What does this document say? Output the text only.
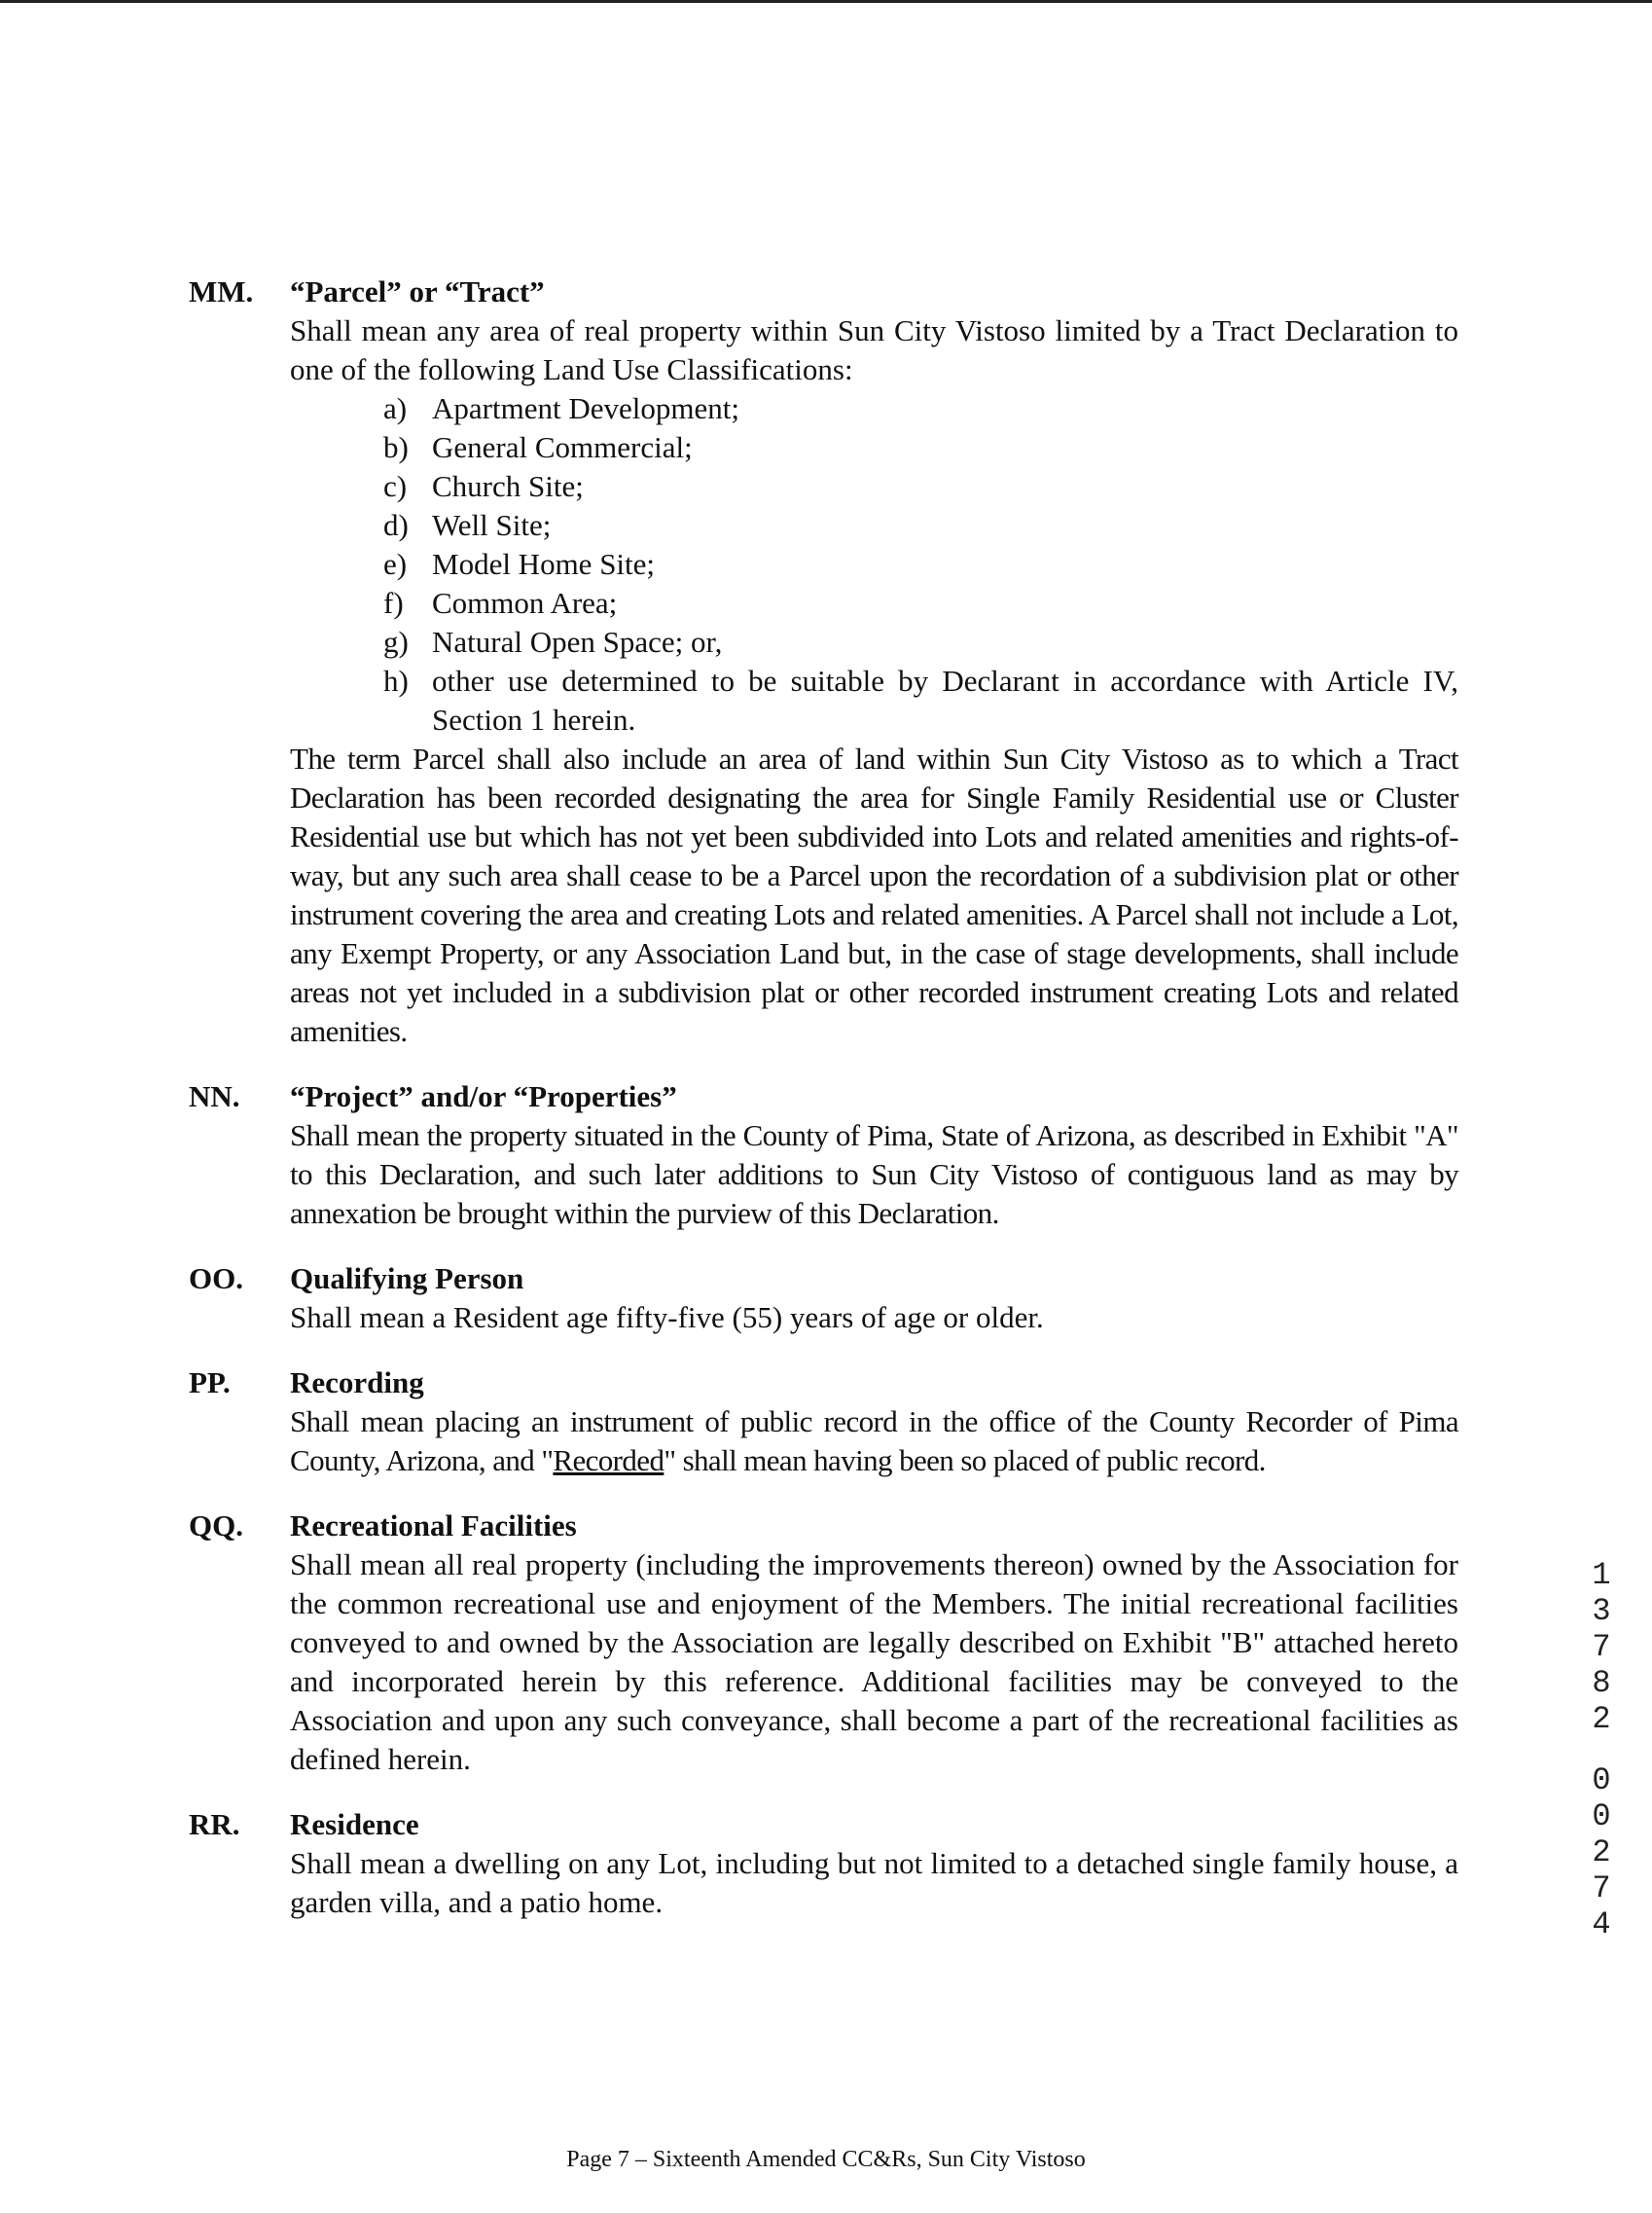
MM. “Parcel” or “Tract”

Shall mean any area of real property within Sun City Vistoso limited by a Tract Declaration to one of the following Land Use Classifications:

a) Apartment Development;
b) General Commercial;
c) Church Site;
d) Well Site;
e) Model Home Site;
f) Common Area;
g) Natural Open Space; or,
h) other use determined to be suitable by Declarant in accordance with Article IV, Section 1 herein.

The term Parcel shall also include an area of land within Sun City Vistoso as to which a Tract Declaration has been recorded designating the area for Single Family Residential use or Cluster Residential use but which has not yet been subdivided into Lots and related amenities and rights-of-way, but any such area shall cease to be a Parcel upon the recordation of a subdivision plat or other instrument covering the area and creating Lots and related amenities. A Parcel shall not include a Lot, any Exempt Property, or any Association Land but, in the case of stage developments, shall include areas not yet included in a subdivision plat or other recorded instrument creating Lots and related amenities.

NN. “Project” and/or “Properties”

Shall mean the property situated in the County of Pima, State of Arizona, as described in Exhibit "A" to this Declaration, and such later additions to Sun City Vistoso of contiguous land as may by annexation be brought within the purview of this Declaration.

OO. Qualifying Person

Shall mean a Resident age fifty-five (55) years of age or older.

PP. Recording

Shall mean placing an instrument of public record in the office of the County Recorder of Pima County, Arizona, and "Recorded" shall mean having been so placed of public record.

QQ. Recreational Facilities

Shall mean all real property (including the improvements thereon) owned by the Association for the common recreational use and enjoyment of the Members. The initial recreational facilities conveyed to and owned by the Association are legally described on Exhibit "B" attached hereto and incorporated herein by this reference. Additional facilities may be conveyed to the Association and upon any such conveyance, shall become a part of the recreational facilities as defined herein.

RR. Residence

Shall mean a dwelling on any Lot, including but not limited to a detached single family house, a garden villa, and a patio home.

1
3
7
8
2
0
0
2
7
4
Page 7 – Sixteenth Amended CC&Rs, Sun City Vistoso
